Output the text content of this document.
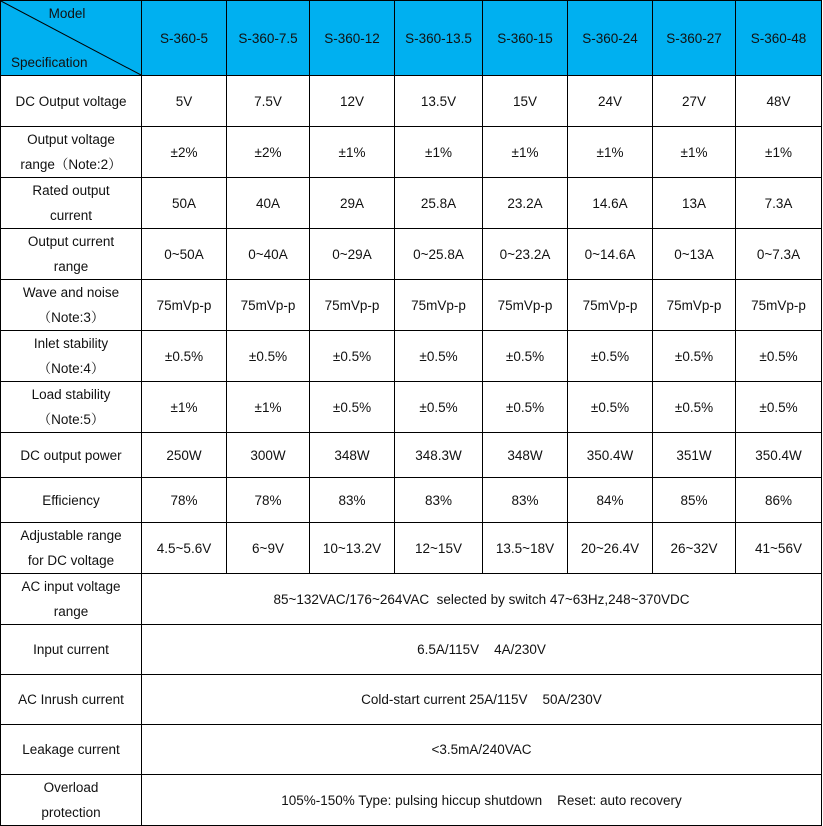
Model
Specification	S-360-5	S-360-7.5	S-360-12	S-360-13.5	S-360-15	S-360-24	S-360-27	S-360-48

DC Output voltage	5V	7.5V	12V	13.5V	15V	24V	27V	48V

Output voltage
range（Note:2）	±2%	±2%	±1%	±1%	±1%	±1%	±1%	±1%

Rated output
current	50A	40A	29A	25.8A	23.2A	14.6A	13A	7.3A

Output current
range	0~50A	0~40A	0~29A	0~25.8A	0~23.2A	0~14.6A	0~13A	0~7.3A

Wave and noise
（Note:3）	75mVp-p	75mVp-p	75mVp-p	75mVp-p	75mVp-p	75mVp-p	75mVp-p	75mVp-p

Inlet stability
（Note:4）	±0.5%	±0.5%	±0.5%	±0.5%	±0.5%	±0.5%	±0.5%	±0.5%

Load stability
（Note:5）	±1%	±1%	±0.5%	±0.5%	±0.5%	±0.5%	±0.5%	±0.5%

DC output power	250W	300W	348W	348.3W	348W	350.4W	351W	350.4W

Efficiency	78%	78%	83%	83%	83%	84%	85%	86%

Adjustable range
for DC voltage	4.5~5.6V	6~9V	10~13.2V	12~15V	13.5~18V	20~26.4V	26~32V	41~56V

AC input voltage
range	85~132VAC/176~264VAC  selected by switch 47~63Hz,248~370VDC							

Input current	6.5A/115V    4A/230V							

AC Inrush current	Cold-start current 25A/115V    50A/230V							

Leakage current	<3.5mA/240VAC							

Overload
protection	105%-150% Type: pulsing hiccup shutdown    Reset: auto recovery							
